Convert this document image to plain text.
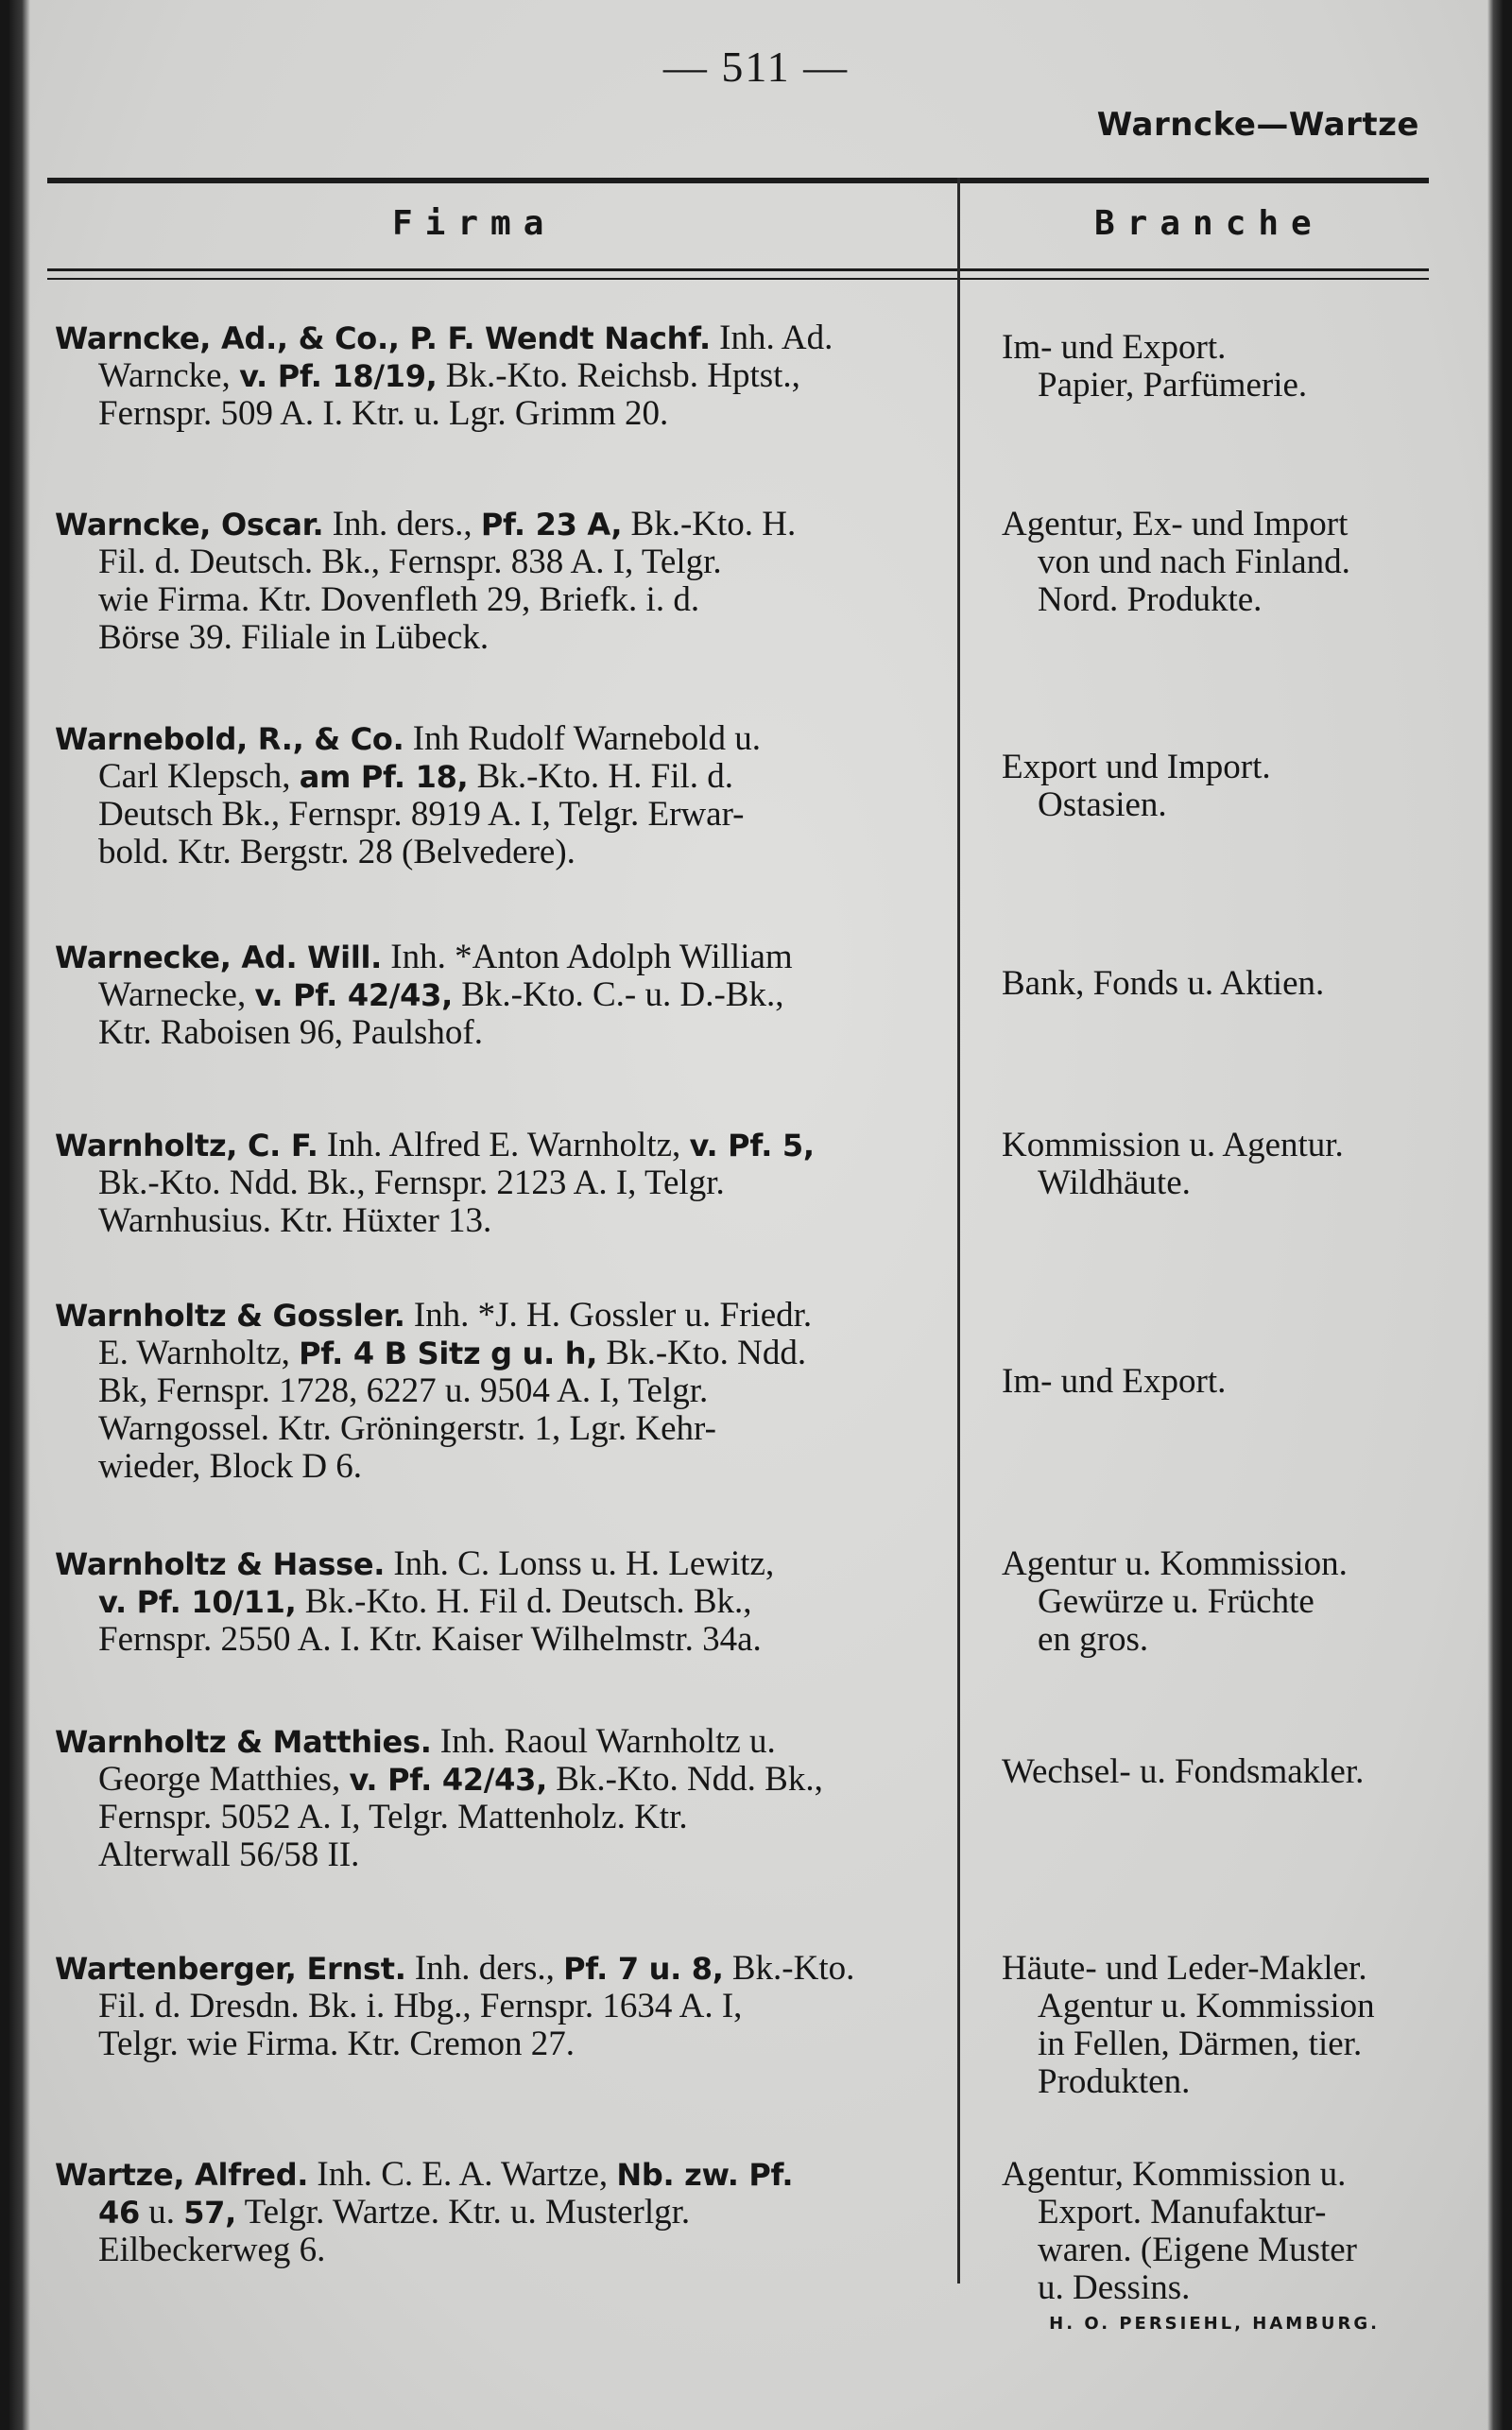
— 511 —
Warncke—Wartze
Firma	Branche
Warncke, Ad., & Co., P. F. Wendt Nachf. Inh. Ad.
Warncke, v. Pf. 18/19, Bk.-Kto. Reichsb. Hptst.,
Fernspr. 509 A. I. Ktr. u. Lgr. Grimm 20.
Im- und Export.
Papier, Parfümerie.
Warncke, Oscar. Inh. ders., Pf. 23 A, Bk.-Kto. H.
Fil. d. Deutsch. Bk., Fernspr. 838 A. I, Telgr.
wie Firma. Ktr. Dovenfleth 29, Briefk. i. d.
Börse 39. Filiale in Lübeck.
Agentur, Ex- und Import
von und nach Finland.
Nord. Produkte.
Warnebold, R., & Co. Inh Rudolf Warnebold u.
Carl Klepsch, am Pf. 18, Bk.-Kto. H. Fil. d.
Deutsch Bk., Fernspr. 8919 A. I, Telgr. Erwar-
bold. Ktr. Bergstr. 28 (Belvedere).
Export und Import.
Ostasien.
Warnecke, Ad. Will. Inh. *Anton Adolph William
Warnecke, v. Pf. 42/43, Bk.-Kto. C.- u. D.-Bk.,
Ktr. Raboisen 96, Paulshof.
Bank, Fonds u. Aktien.
Warnholtz, C. F. Inh. Alfred E. Warnholtz, v. Pf. 5,
Bk.-Kto. Ndd. Bk., Fernspr. 2123 A. I, Telgr.
Warnhusius. Ktr. Hüxter 13.
Kommission u. Agentur.
Wildhäute.
Warnholtz & Gossler. Inh. *J. H. Gossler u. Friedr.
E. Warnholtz, Pf. 4 B Sitz g u. h, Bk.-Kto. Ndd.
Bk, Fernspr. 1728, 6227 u. 9504 A. I, Telgr.
Warngossel. Ktr. Gröningerstr. 1, Lgr. Kehr-
wieder, Block D 6.
Im- und Export.
Warnholtz & Hasse. Inh. C. Lonss u. H. Lewitz,
v. Pf. 10/11, Bk.-Kto. H. Fil d. Deutsch. Bk.,
Fernspr. 2550 A. I. Ktr. Kaiser Wilhelmstr. 34a.
Agentur u. Kommission.
Gewürze u. Früchte
en gros.
Warnholtz & Matthies. Inh. Raoul Warnholtz u.
George Matthies, v. Pf. 42/43, Bk.-Kto. Ndd. Bk.,
Fernspr. 5052 A. I, Telgr. Mattenholz. Ktr.
Alterwall 56/58 II.
Wechsel- u. Fondsmakler.
Wartenberger, Ernst. Inh. ders., Pf. 7 u. 8, Bk.-Kto.
Fil. d. Dresdn. Bk. i. Hbg., Fernspr. 1634 A. I,
Telgr. wie Firma. Ktr. Cremon 27.
Häute- und Leder-Makler.
Agentur u. Kommission
in Fellen, Därmen, tier.
Produkten.
Wartze, Alfred. Inh. C. E. A. Wartze, Nb. zw. Pf.
46 u. 57, Telgr. Wartze. Ktr. u. Musterlgr.
Eilbeckerweg 6.
Agentur, Kommission u.
Export. Manufaktur-
waren. (Eigene Muster
u. Dessins.
H. O. PERSIEHL, HAMBURG.
